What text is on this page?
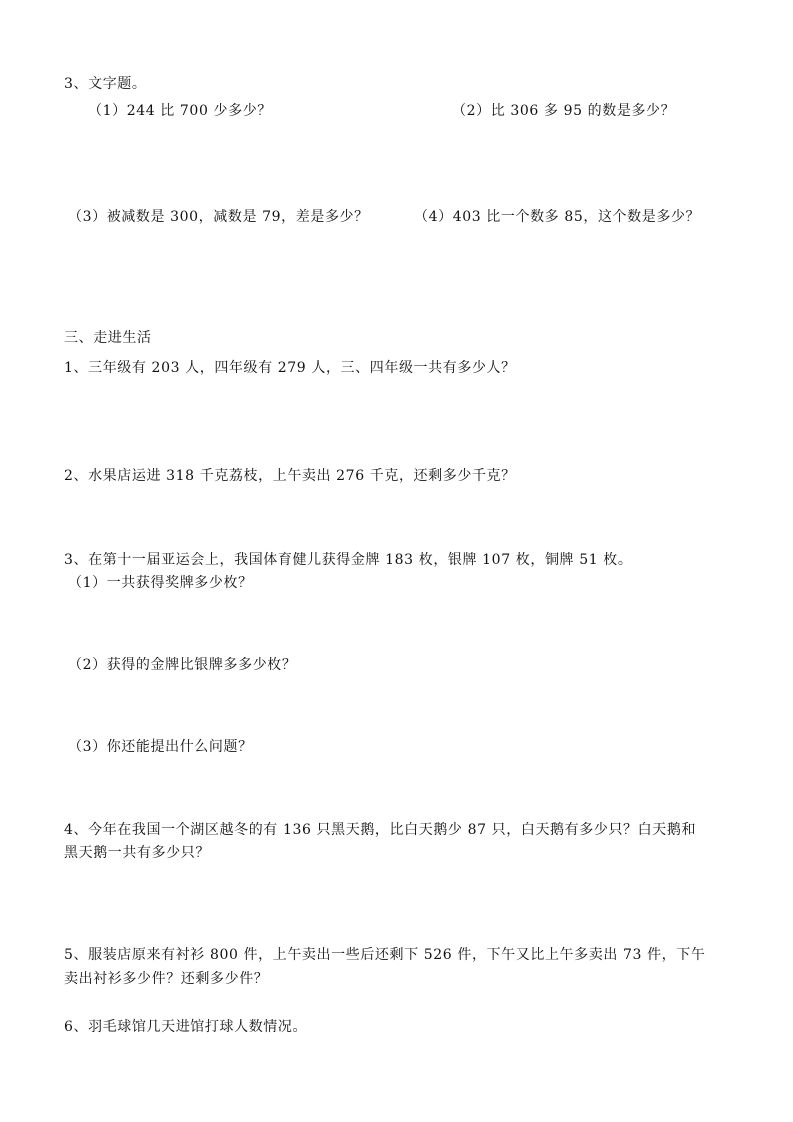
3、文字题。
（1）244 比 700 少多少？	（2）比 306 多 95 的数是多少？
（3）被减数是 300，减数是 79，差是多少？	（4）403 比一个数多 85，这个数是多少？
三、走进生活
1、三年级有 203 人，四年级有 279 人，三、四年级一共有多少人？
2、水果店运进 318 千克荔枝，上午卖出 276 千克，还剩多少千克？
3、在第十一届亚运会上，我国体育健儿获得金牌 183 枚，银牌 107 枚，铜牌 51 枚。
（1）一共获得奖牌多少枚？
（2）获得的金牌比银牌多多少枚？
（3）你还能提出什么问题？
4、今年在我国一个湖区越冬的有 136 只黑天鹅，比白天鹅少 87 只，白天鹅有多少只？白天鹅和
黑天鹅一共有多少只？
5、服装店原来有衬衫 800 件，上午卖出一些后还剩下 526 件，下午又比上午多卖出 73 件，下午
卖出衬衫多少件？还剩多少件？
6、羽毛球馆几天进馆打球人数情况。
